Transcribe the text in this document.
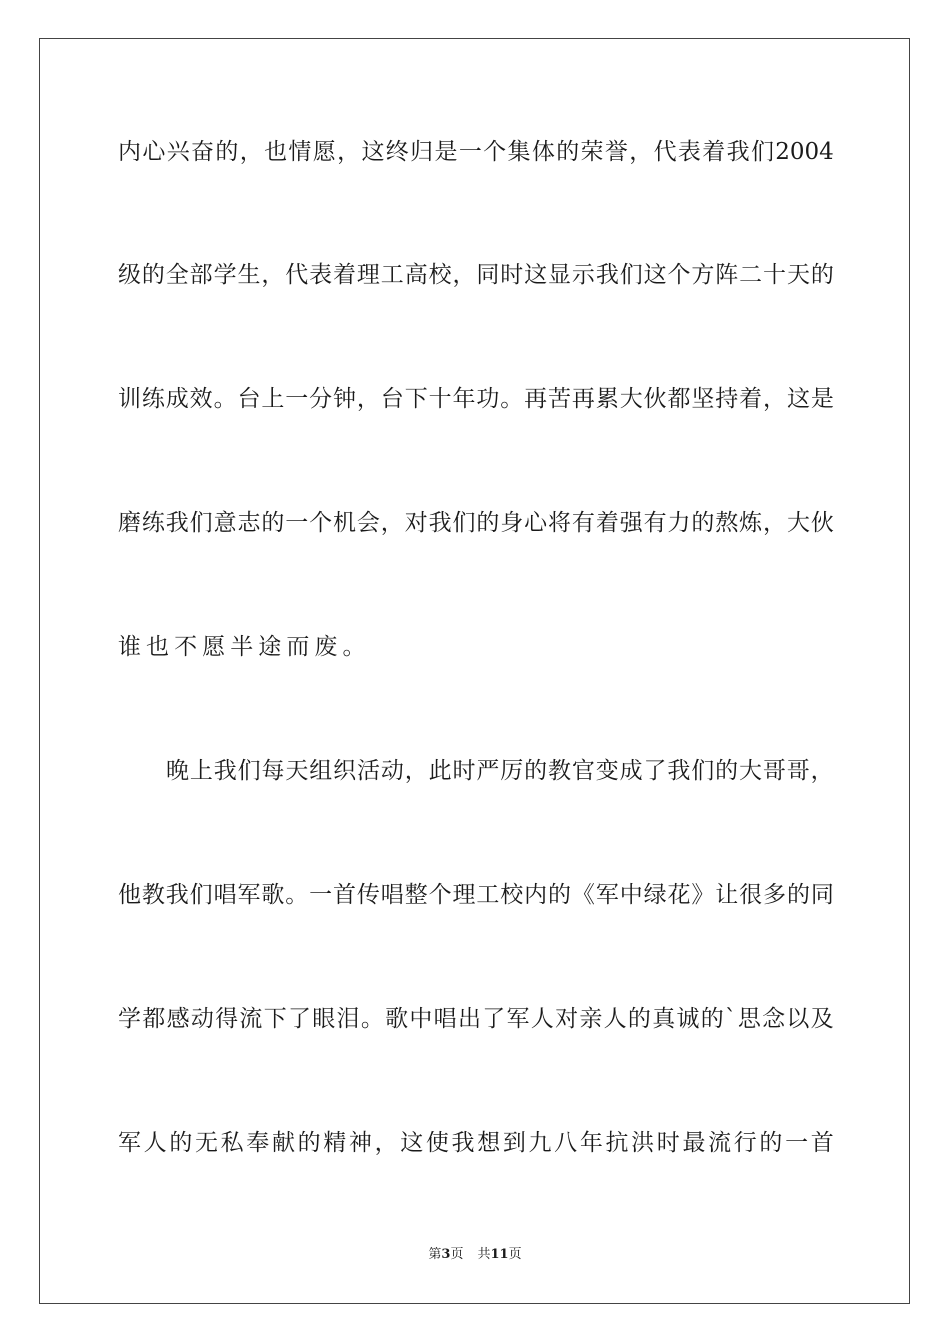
内 心 兴 奋 的 ， 也 情 愿 ， 这 终 归 是 一 个 集 体 的 荣 誉 ， 代 表 着 我 们 2004
级 的 全 部 学 生 ， 代 表 着 理 工 高 校 ， 同 时 这 显 示 我 们 这 个 方 阵 二 十 天 的
训 练 成 效 。 台 上 一 分 钟 ， 台 下 十 年 功 。 再 苦 再 累 大 伙 都 坚 持 着 ， 这 是
磨 练 我 们 意 志 的 一 个 机 会 ， 对 我 们 的 身 心 将 有 着 强 有 力 的 熬 炼 ， 大 伙
谁也不愿半途而废。
晚 上 我 们 每 天 组 织 活 动 ， 此 时 严 厉 的 教 官 变 成 了 我 们 的 大 哥 哥 ，
他 教 我 们 唱 军 歌 。 一 首 传 唱 整 个 理 工 校 内 的 《 军 中 绿 花 》 让 很 多 的 同
学 都 感 动 得 流 下 了 眼 泪 。 歌 中 唱 出 了 军 人 对 亲 人 的 真 诚 的 ` 思 念 以 及
军 人 的 无 私 奉 献 的 精 神 ， 这 使 我 想 到 九 八 年 抗 洪 时 最 流 行 的 一 首
第3页 共11页
